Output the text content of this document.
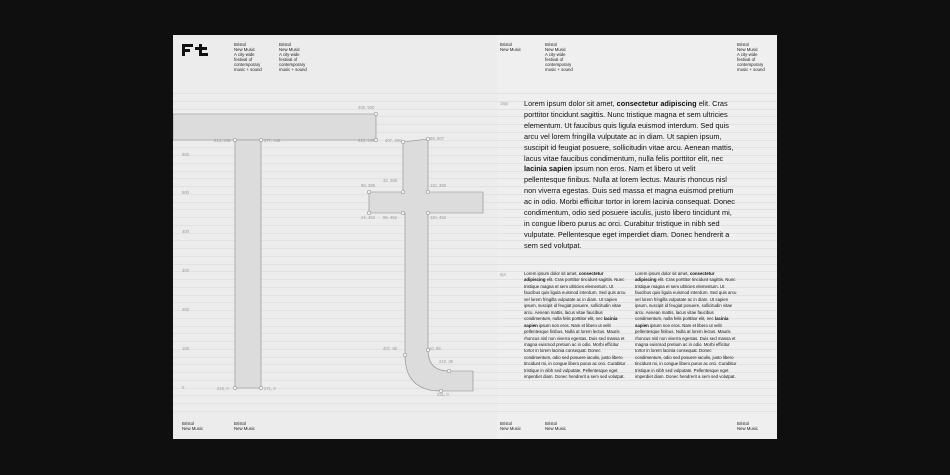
Bristol
New Music
A city-wide
festival of
contemporary
music + sound
Bristol
New Music
A city-wide
festival of
contemporary
music + sound
Bristol
New Music
Bristol
New Music
600
500
400
300
200
100
0
300, 500
214, 446	277, 446	310, 446	407, 480	98, 507
32, 388
98, 388	110, 388
24, 452 96, 452	110, 452
407, 96	10, 86
210, 36
221, 0
216, 0	271, 0
Bristol
New Music
Bristol
New Music
A city-wide
festival of
contemporary
music + sound
Bristol
New Music
A city-wide
festival of
contemporary
music + sound
Bristol
New Music
Bristol
New Music
Bristol
New Music
18pt
6pt
Lorem ipsum dolor sit amet, consectetur adipiscing elit. Cras porttitor tincidunt sagittis. Nunc tristique magna et sem ultricies elementum. Ut faucibus quis ligula euismod interdum. Sed quis arcu vel lorem fringilla vulputate ac in diam. Ut sapien ipsum, suscipit id feugiat posuere, sollicitudin vitae arcu. Aenean mattis, lacus vitae faucibus condimentum, nulla felis porttitor elit, nec lacinia sapien ipsum non eros. Nam et libero ut velit pellentesque finibus. Nulla at lorem lectus. Mauris rhoncus nisl non viverra egestas. Duis sed massa et magna euismod pretium ac in odio. Morbi efficitur tortor in lorem lacinia consequat. Donec condimentum, odio sed posuere iaculis, justo libero tincidunt mi, in congue libero purus ac orci. Curabitur tristique in nibh sed vulputate. Pellentesque eget imperdiet diam. Donec hendrerit a sem sed volutpat.
Lorem ipsum dolor sit amet, consectetur adipiscing elit. Cras porttitor tincidunt sagittis. Nunc tristique magna et sem ultricies elementum. Ut faucibus quis ligula euismod interdum. Sed quis arcu vel lorem fringilla vulputate ac in diam. Ut sapien ipsum, suscipit id feugiat posuere, sollicitudin vitae arcu. Aenean mattis, lacus vitae faucibus condimentum, nulla felis porttitor elit, nec lacinia sapien ipsum non eros. Nam et libero ut velit pellentesque finibus. Nulla at lorem lectus. Mauris rhoncus nisl non viverra egestas. Duis sed massa et magna euismod pretium ac in odio. Morbi efficitur tortor in lorem lacinia consequat. Donec condimentum, odio sed posuere iaculis, justo libero tincidunt mi, in congue libero purus ac orci. Curabitur tristique in nibh sed vulputate. Pellentesque eget imperdiet diam. Donec hendrerit a sem sed volutpat.
Lorem ipsum dolor sit amet, consectetur adipiscing elit. Cras porttitor tincidunt sagittis. Nunc tristique magna et sem ultricies elementum. Ut faucibus quis ligula euismod interdum. Sed quis arcu vel lorem fringilla vulputate ac in diam. Ut sapien ipsum, suscipit id feugiat posuere, sollicitudin vitae arcu. Aenean mattis, lacus vitae faucibus condimentum, nulla felis porttitor elit, nec lacinia sapien ipsum non eros. Nam et libero ut velit pellentesque finibus. Nulla at lorem lectus. Mauris rhoncus nisl non viverra egestas. Duis sed massa et magna euismod pretium ac in odio. Morbi efficitur tortor in lorem lacinia consequat. Donec condimentum, odio sed posuere iaculis, justo libero tincidunt mi, in congue libero purus ac orci. Curabitur tristique in nibh sed vulputate. Pellentesque eget imperdiet diam. Donec hendrerit a sem sed volutpat.
